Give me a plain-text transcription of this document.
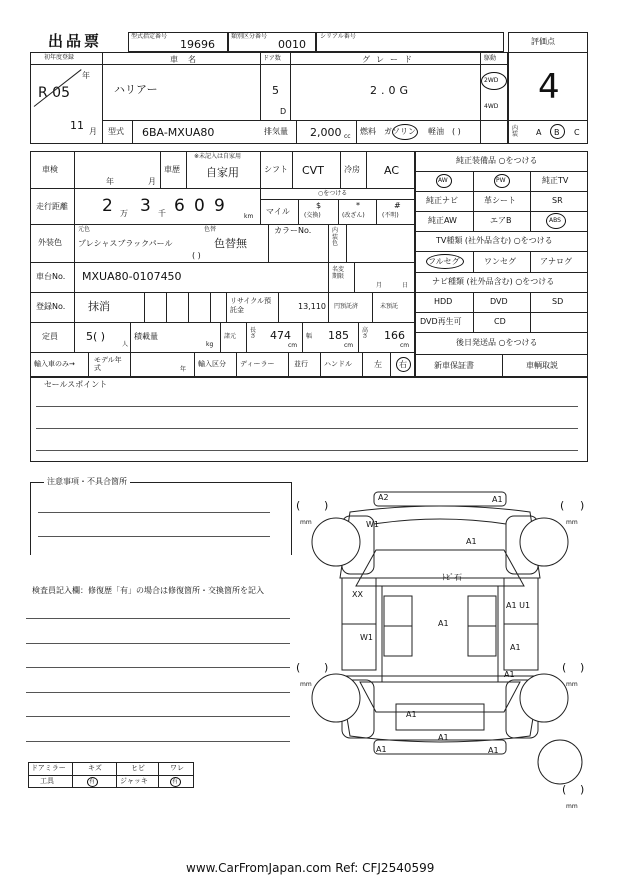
出品票	型式指定番号
19696
類別区分番号
0010
シリアル番号
評価点
4
初年度登録
年
R 05
11 月
車名
ハリアー
ドア数
5
D
グレード
2.0G
駆動
2WD
4WD
型式 6BA-MXUA80	排気量 2,000 cc
燃料 ガソリン 軽油 ( )	内装	A B C
車検
年	月
車歴
※未記入は自家用
自家用	シフト CVT	冷房 AC
走行距離 2 万 3 千 6 0 9
km
○をつける
マイル
$
(交換)
*
(改ざん)
#
(不明)
外装色
元色	色替
プレシャスブラックパール	色替無
( )
カラーNo.	内装色
車台No. MXUA80-0107450
名変期限
月	日
登録No. 抹消	リサイクル預託金	13,110 円預託済	未預託
定員	5( )
人
積載量
kg
諸元
長さ 474
cm
幅 185
cm
高さ 166
cm
輸入車のみ→	モデル年式	年
輸入区分 ディーラー	並行 ハンドル	左 右
セールスポイント
純正装備品 ○をつける
AW	PW	純正TV
純正ナビ	革シート	SR
純正AW	エアB	ABS
TV種類 (社外品含む) ○をつける
フルセグ	ワンセグ	アナログ
ナビ種類 (社外品含む) ○をつける
HDD	DVD	SD
DVD再生可	CD
後日発送品 ○をつける
新車保証書	車輌取説
注意事項・不具合箇所
検査員記入欄：修復歴「有」の場合は修復箇所・交換箇所を記入
ドアミラー	キズ	ヒビ	ワレ
工具	有	ジャッキ	有
( )
mm
( )
mm
( )
mm
( )
mm
( )
mm
A2	A1
W1
A1
ﾄﾋﾞ石
XX
A1 U1
A1
W1
A1
A1
A1
A1
A1
A1
www.CarFromJapan.com Ref: CFJ2540599
